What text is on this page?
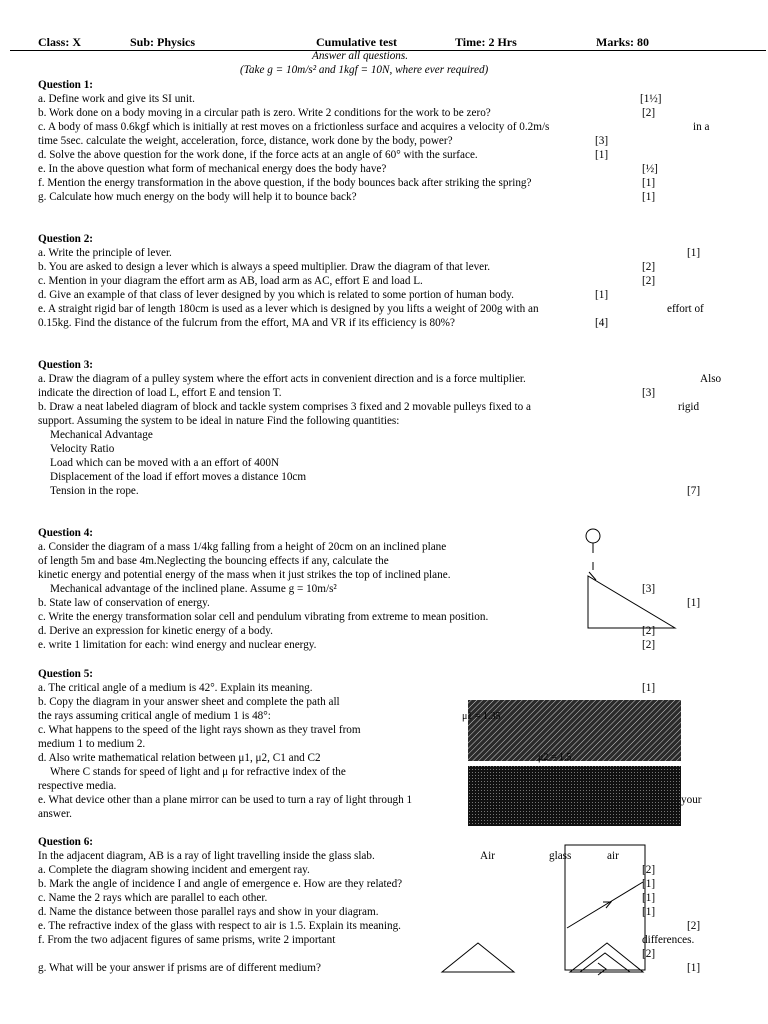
Class: X	Sub: Physics	Cumulative test	Time: 2 Hrs	Marks: 80
Answer all questions.
(Take g = 10m/s² and 1kgf = 10N, where ever required)
Question 1:
a. Define work and give its SI unit.	[1½]
b. Work done on a body moving in a circular path is zero. Write 2 conditions for the work to be zero?	[2]
c. A body of mass 0.6kgf which is initially at rest moves on a frictionless surface and acquires a velocity of 0.2m/s	in a
time 5sec. calculate the weight, acceleration, force, distance, work done by the body, power?	[3]
d. Solve the above question for the work done, if the force acts at an angle of 60° with the surface.	[1]
e. In the above question what form of mechanical energy does the body have?	[½]
f. Mention the energy transformation in the above question, if the body bounces back after striking the spring?	[1]
g. Calculate how much energy on the body will help it to bounce back?	[1]
Question 2:
a. Write the principle of lever.	[1]
b. You are asked to design a lever which is always a speed multiplier. Draw the diagram of that lever.	[2]
c. Mention in your diagram the effort arm as AB, load arm as AC, effort E and load L.	[2]
d. Give an example of that class of lever designed by you which is related to some portion of human body.	[1]
e. A straight rigid bar of length 180cm is used as a lever which is designed by you lifts a weight of 200g with an	effort of
0.15kg. Find the distance of the fulcrum from the effort, MA and VR if its efficiency is 80%?	[4]
Question 3:
a. Draw the diagram of a pulley system where the effort acts in convenient direction and is a force multiplier.	Also
indicate the direction of load L, effort E and tension T.	[3]
b. Draw a neat labeled diagram of block and tackle system comprises 3 fixed and 2 movable pulleys fixed to a	rigid
support. Assuming the system to be ideal in nature Find the following quantities:
Mechanical Advantage
Velocity Ratio
Load which can be moved with a an effort of 400N
Displacement of the load if effort moves a distance 10cm
Tension in the rope.	[7]
Question 4:
a. Consider the diagram of a mass 1/4kg falling from a height of 20cm on an inclined plane
of length 5m and base 4m.Neglecting the bouncing effects if any, calculate the
kinetic energy and potential energy of the mass when it just strikes the top of inclined plane.
Mechanical advantage of the inclined plane. Assume g = 10m/s²	[3]
b. State law of conservation of energy.	[1]
c. Write the energy transformation solar cell and pendulum vibrating from extreme to mean position.
d. Derive an expression for kinetic energy of a body.	[2]
e. write 1 limitation for each: wind energy and nuclear energy.	[2]
Question 5:
a. The critical angle of a medium is 42°. Explain its meaning.	[1]
b. Copy the diagram in your answer sheet and complete the path all
the rays assuming critical angle of medium 1 is 48°:
c. What happens to the speed of the light rays shown as they travel from
medium 1 to medium 2.
d. Also write mathematical relation between μ1, μ2, C1 and C2
Where C stands for speed of light and μ for refractive index of the
respective media.
e. What device other than a plane mirror can be used to turn a ray of light through 1
answer.
μ1 = 1.35
μ2 = 1.5
your
Question 6:
In the adjacent diagram, AB is a ray of light travelling inside the glass slab.	Air	glass	air
a. Complete the diagram showing incident and emergent ray.	[2]
b. Mark the angle of incidence I and angle of emergence e. How are they related?	[1]
c. Name the 2 rays which are parallel to each other.	[1]
d. Name the distance between those parallel rays and show in your diagram.	[1]
e. The refractive index of the glass with respect to air is 1.5. Explain its meaning.	[2]
f. From the two adjacent figures of same prisms, write 2 important	differences.
[2]
g. What will be your answer if prisms are of different medium?	[1]
